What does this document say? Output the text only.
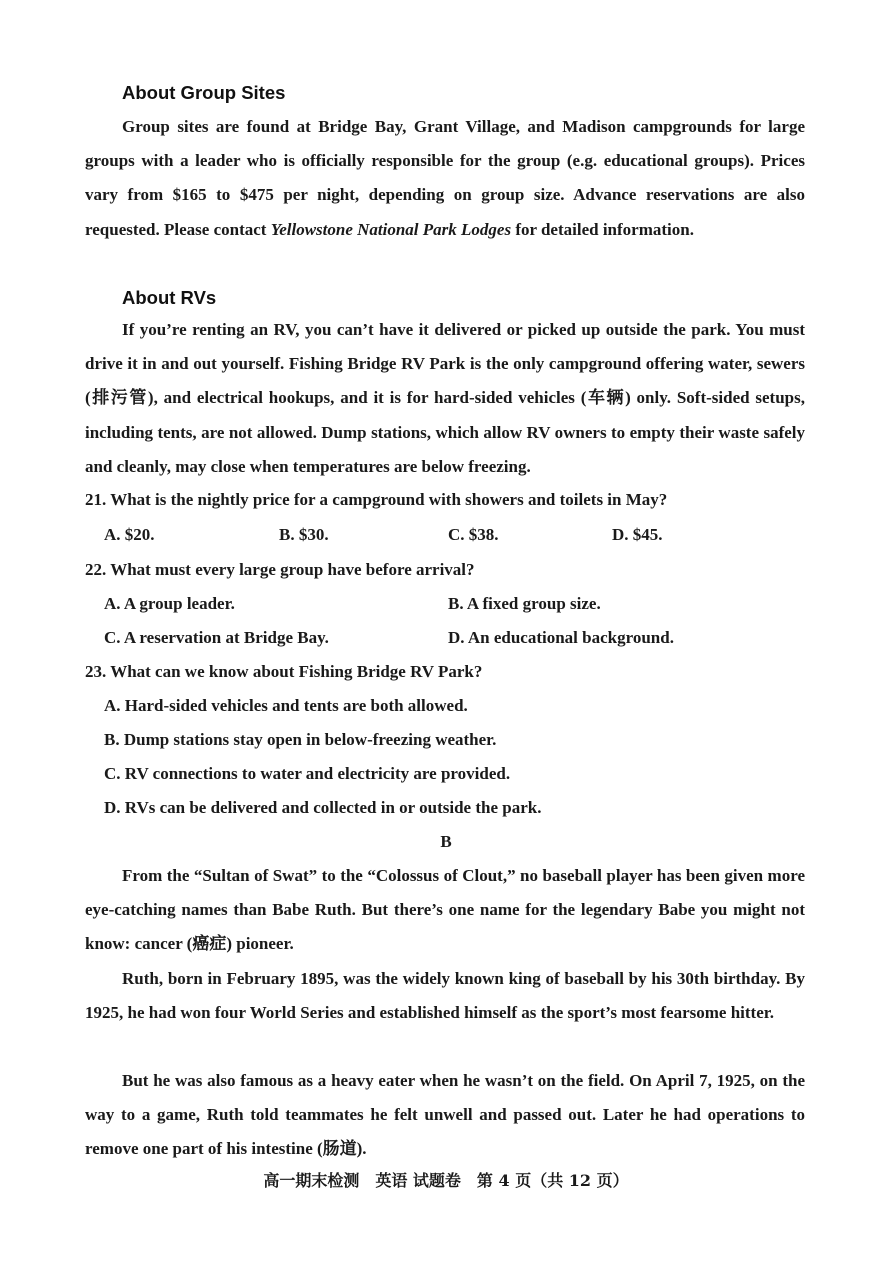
About Group Sites

Group sites are found at Bridge Bay, Grant Village, and Madison campgrounds for large groups with a leader who is officially responsible for the group (e.g. educational groups). Prices vary from $165 to $475 per night, depending on group size. Advance reservations are also requested. Please contact Yellowstone National Park Lodges for detailed information.

About RVs

If you’re renting an RV, you can’t have it delivered or picked up outside the park. You must drive it in and out yourself. Fishing Bridge RV Park is the only campground offering water, sewers (排污管), and electrical hookups, and it is for hard-sided vehicles (车辆) only. Soft-sided setups, including tents, are not allowed. Dump stations, which allow RV owners to empty their waste safely and cleanly, may close when temperatures are below freezing.

21. What is the nightly price for a campground with showers and toilets in May?
A. $20.	B. $30.	C. $38.	D. $45.
22. What must every large group have before arrival?
A. A group leader.	B. A fixed group size.
C. A reservation at Bridge Bay.	D. An educational background.
23. What can we know about Fishing Bridge RV Park?
A. Hard-sided vehicles and tents are both allowed.
B. Dump stations stay open in below-freezing weather.
C. RV connections to water and electricity are provided.
D. RVs can be delivered and collected in or outside the park.
B

From the “Sultan of Swat” to the “Colossus of Clout,” no baseball player has been given more eye-catching names than Babe Ruth. But there’s one name for the legendary Babe you might not know: cancer (癌症) pioneer.

Ruth, born in February 1895, was the widely known king of baseball by his 30th birthday. By 1925, he had won four World Series and established himself as the sport’s most fearsome hitter.

But he was also famous as a heavy eater when he wasn’t on the field. On April 7, 1925, on the way to a game, Ruth told teammates he felt unwell and passed out. Later he had operations to remove one part of his intestine (肠道).

高一期末检测　英语 试题卷　第 4 页（共 12 页）
